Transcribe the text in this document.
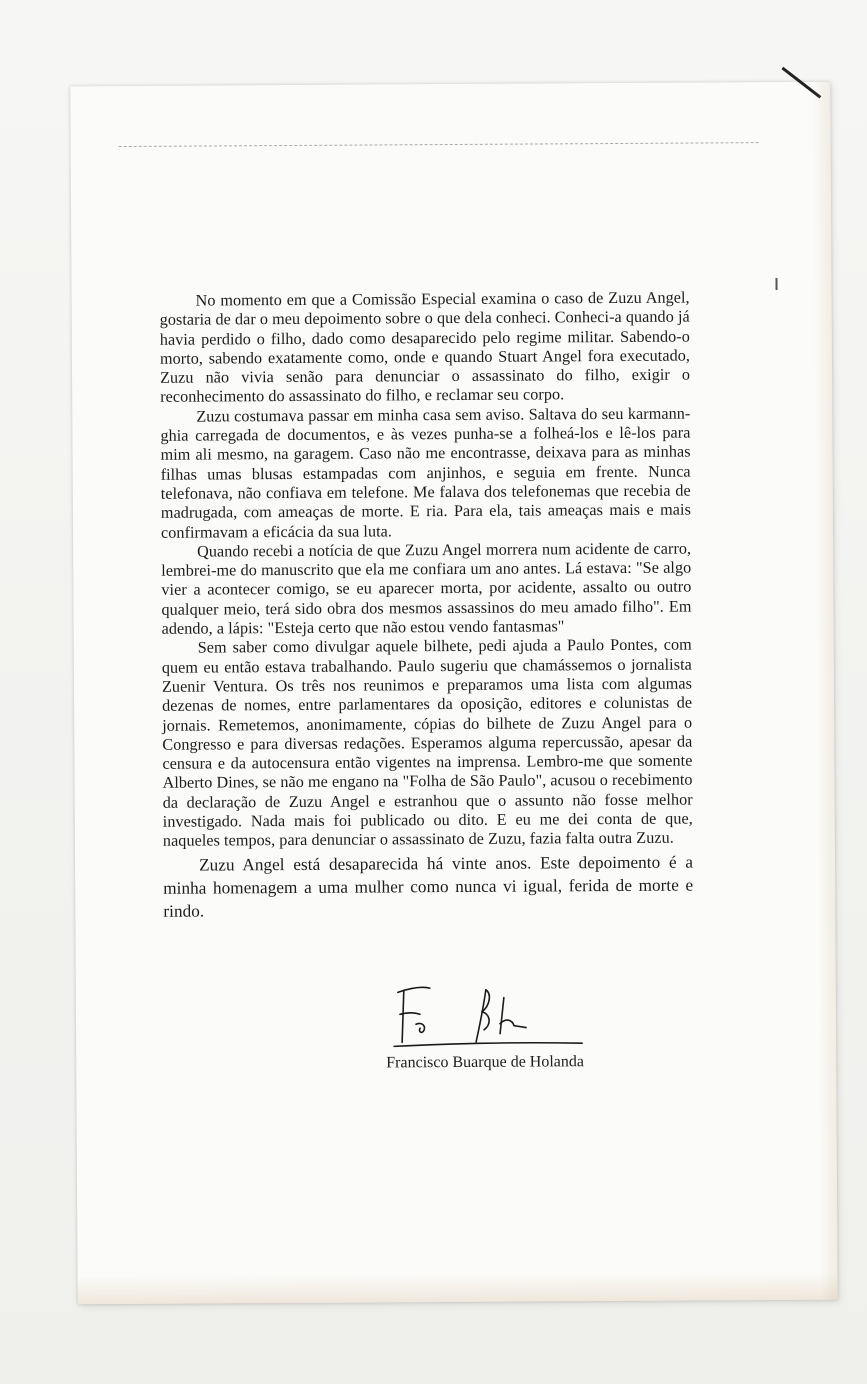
No momento em que a Comissão Especial examina o caso de Zuzu Angel, gostaria de dar o meu depoimento sobre o que dela conheci. Conheci-a quando já havia perdido o filho, dado como desaparecido pelo regime militar. Sabendo-o morto, sabendo exatamente como, onde e quando Stuart Angel fora executado, Zuzu não vivia senão para denunciar o assassinato do filho, exigir o reconhecimento do assassinato do filho, e reclamar seu corpo.

Zuzu costumava passar em minha casa sem aviso. Saltava do seu karmann-ghia carregada de documentos, e às vezes punha-se a folheá-los e lê-los para mim ali mesmo, na garagem. Caso não me encontrasse, deixava para as minhas filhas umas blusas estampadas com anjinhos, e seguia em frente. Nunca telefonava, não confiava em telefone. Me falava dos telefonemas que recebia de madrugada, com ameaças de morte. E ria. Para ela, tais ameaças mais e mais confirmavam a eficácia da sua luta.

Quando recebi a notícia de que Zuzu Angel morrera num acidente de carro, lembrei-me do manuscrito que ela me confiara um ano antes. Lá estava: "Se algo vier a acontecer comigo, se eu aparecer morta, por acidente, assalto ou outro qualquer meio, terá sido obra dos mesmos assassinos do meu amado filho". Em adendo, a lápis: "Esteja certo que não estou vendo fantasmas"

Sem saber como divulgar aquele bilhete, pedi ajuda a Paulo Pontes, com quem eu então estava trabalhando. Paulo sugeriu que chamássemos o jornalista Zuenir Ventura. Os três nos reunimos e preparamos uma lista com algumas dezenas de nomes, entre parlamentares da oposição, editores e colunistas de jornais. Remetemos, anonimamente, cópias do bilhete de Zuzu Angel para o Congresso e para diversas redações. Esperamos alguma repercussão, apesar da censura e da autocensura então vigentes na imprensa. Lembro-me que somente Alberto Dines, se não me engano na "Folha de São Paulo", acusou o recebimento da declaração de Zuzu Angel e estranhou que o assunto não fosse melhor investigado. Nada mais foi publicado ou dito. E eu me dei conta de que, naqueles tempos, para denunciar o assassinato de Zuzu, fazia falta outra Zuzu.

Zuzu Angel está desaparecida há vinte anos. Este depoimento é a minha homenagem a uma mulher como nunca vi igual, ferida de morte e rindo.

Francisco Buarque de Holanda
